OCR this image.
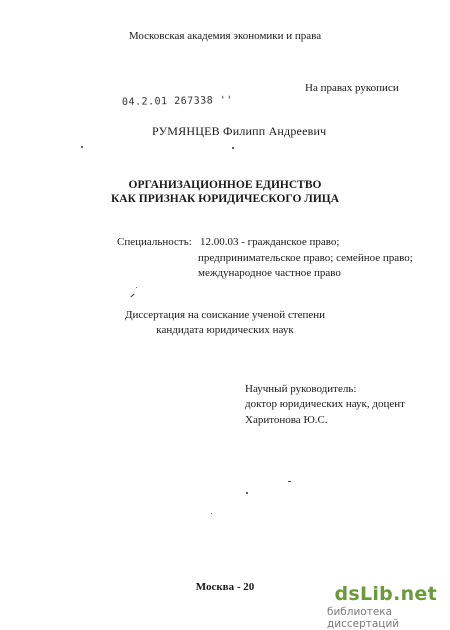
Московская академия экономики и права
На правах рукописи
04.2.01 267338 ''
РУМЯНЦЕВ Филипп Андреевич
ОРГАНИЗАЦИОННОЕ ЕДИНСТВО
КАК ПРИЗНАК ЮРИДИЧЕСКОГО ЛИЦА
Специальность: 12.00.03 - гражданское право;
предпринимательское право; семейное право;
международное частное право
Диссертация на соискание ученой степени
кандидата юридических наук
Научный руководитель:
доктор юридических наук, доцент
Харитонова Ю.С.
Москва - 20	dsLib.net
библиотека диссертаций
